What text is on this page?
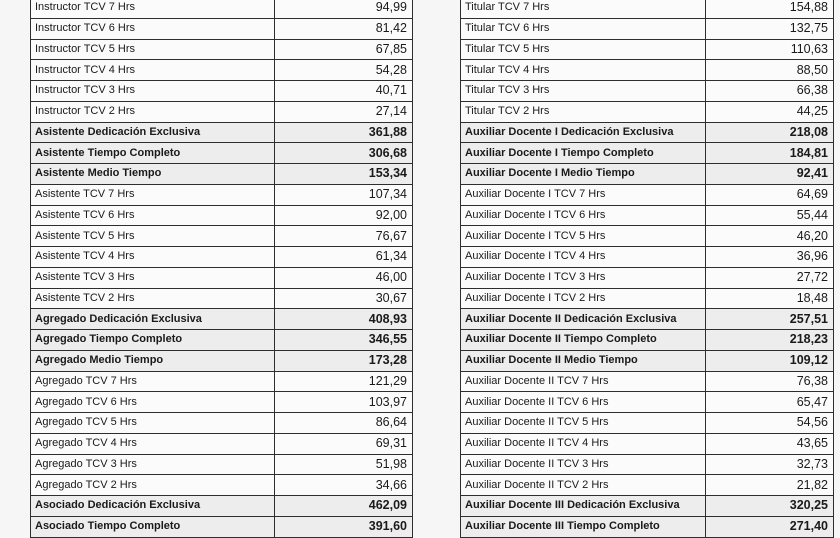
Instructor TCV 7 Hrs	94,99
Instructor TCV 6 Hrs	81,42
Instructor TCV 5 Hrs	67,85
Instructor TCV 4 Hrs	54,28
Instructor TCV 3 Hrs	40,71
Instructor TCV 2 Hrs	27,14
Asistente Dedicación Exclusiva	361,88
Asistente Tiempo Completo	306,68
Asistente Medio Tiempo	153,34
Asistente TCV 7 Hrs	107,34
Asistente TCV 6 Hrs	92,00
Asistente TCV 5 Hrs	76,67
Asistente TCV 4 Hrs	61,34
Asistente TCV 3 Hrs	46,00
Asistente TCV 2 Hrs	30,67
Agregado Dedicación Exclusiva	408,93
Agregado Tiempo Completo	346,55
Agregado Medio Tiempo	173,28
Agregado TCV 7 Hrs	121,29
Agregado TCV 6 Hrs	103,97
Agregado TCV 5 Hrs	86,64
Agregado TCV 4 Hrs	69,31
Agregado TCV 3 Hrs	51,98
Agregado TCV 2 Hrs	34,66
Asociado Dedicación Exclusiva	462,09
Asociado Tiempo Completo	391,60
Titular TCV 7 Hrs	154,88
Titular TCV 6 Hrs	132,75
Titular TCV 5 Hrs	110,63
Titular TCV 4 Hrs	88,50
Titular TCV 3 Hrs	66,38
Titular TCV 2 Hrs	44,25
Auxiliar Docente I Dedicación Exclusiva	218,08
Auxiliar Docente I Tiempo Completo	184,81
Auxiliar Docente I Medio Tiempo	92,41
Auxiliar Docente I TCV 7 Hrs	64,69
Auxiliar Docente I TCV 6 Hrs	55,44
Auxiliar Docente I TCV 5 Hrs	46,20
Auxiliar Docente I TCV 4 Hrs	36,96
Auxiliar Docente I TCV 3 Hrs	27,72
Auxiliar Docente I TCV 2 Hrs	18,48
Auxiliar Docente II Dedicación Exclusiva	257,51
Auxiliar Docente II Tiempo Completo	218,23
Auxiliar Docente II Medio Tiempo	109,12
Auxiliar Docente II TCV 7 Hrs	76,38
Auxiliar Docente II TCV 6 Hrs	65,47
Auxiliar Docente II TCV 5 Hrs	54,56
Auxiliar Docente II TCV 4 Hrs	43,65
Auxiliar Docente II TCV 3 Hrs	32,73
Auxiliar Docente II TCV 2 Hrs	21,82
Auxiliar Docente III Dedicación Exclusiva	320,25
Auxiliar Docente III Tiempo Completo	271,40
